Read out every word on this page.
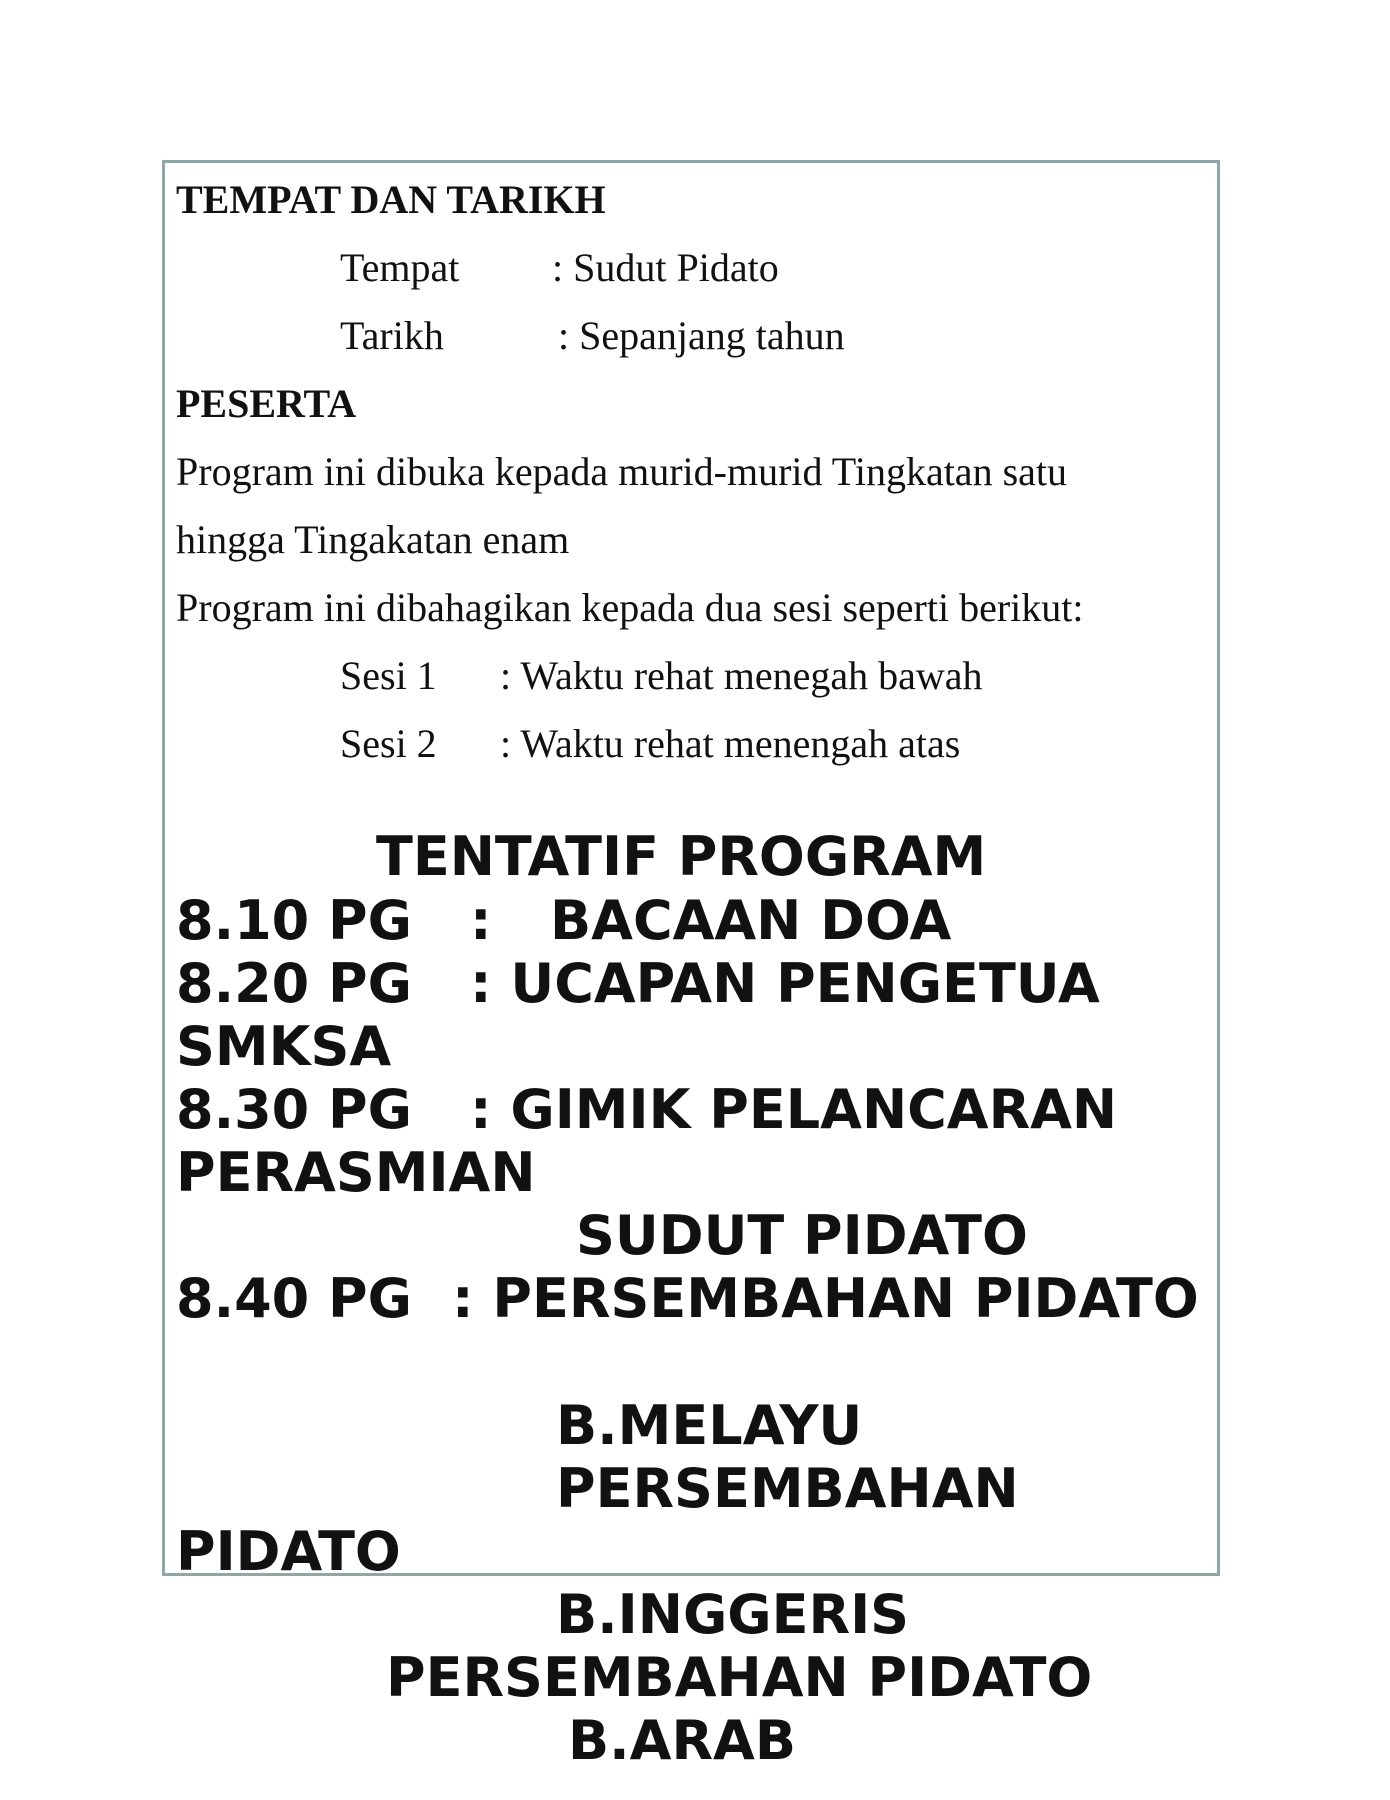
TEMPAT DAN TARIKH
Tempat : Sudut Pidato
Tarikh	: Sepanjang tahun
PESERTA
Program ini dibuka kepada murid-murid Tingkatan satu
hingga Tingakatan enam
Program ini dibahagikan kepada dua sesi seperti berikut:
Sesi 1 : Waktu rehat menegah bawah
Sesi 2 : Waktu rehat menengah atas
TENTATIF PROGRAM
8.10 PG : BACAAN DOA
8.20 PG : UCAPAN PENGETUA
SMKSA
8.30 PG : GIMIK PELANCARAN
PERASMIAN
SUDUT PIDATO
8.40 PG : PERSEMBAHAN PIDATO
B.MELAYU
PERSEMBAHAN
PIDATO
B.INGGERIS
PERSEMBAHAN PIDATO
B.ARAB
